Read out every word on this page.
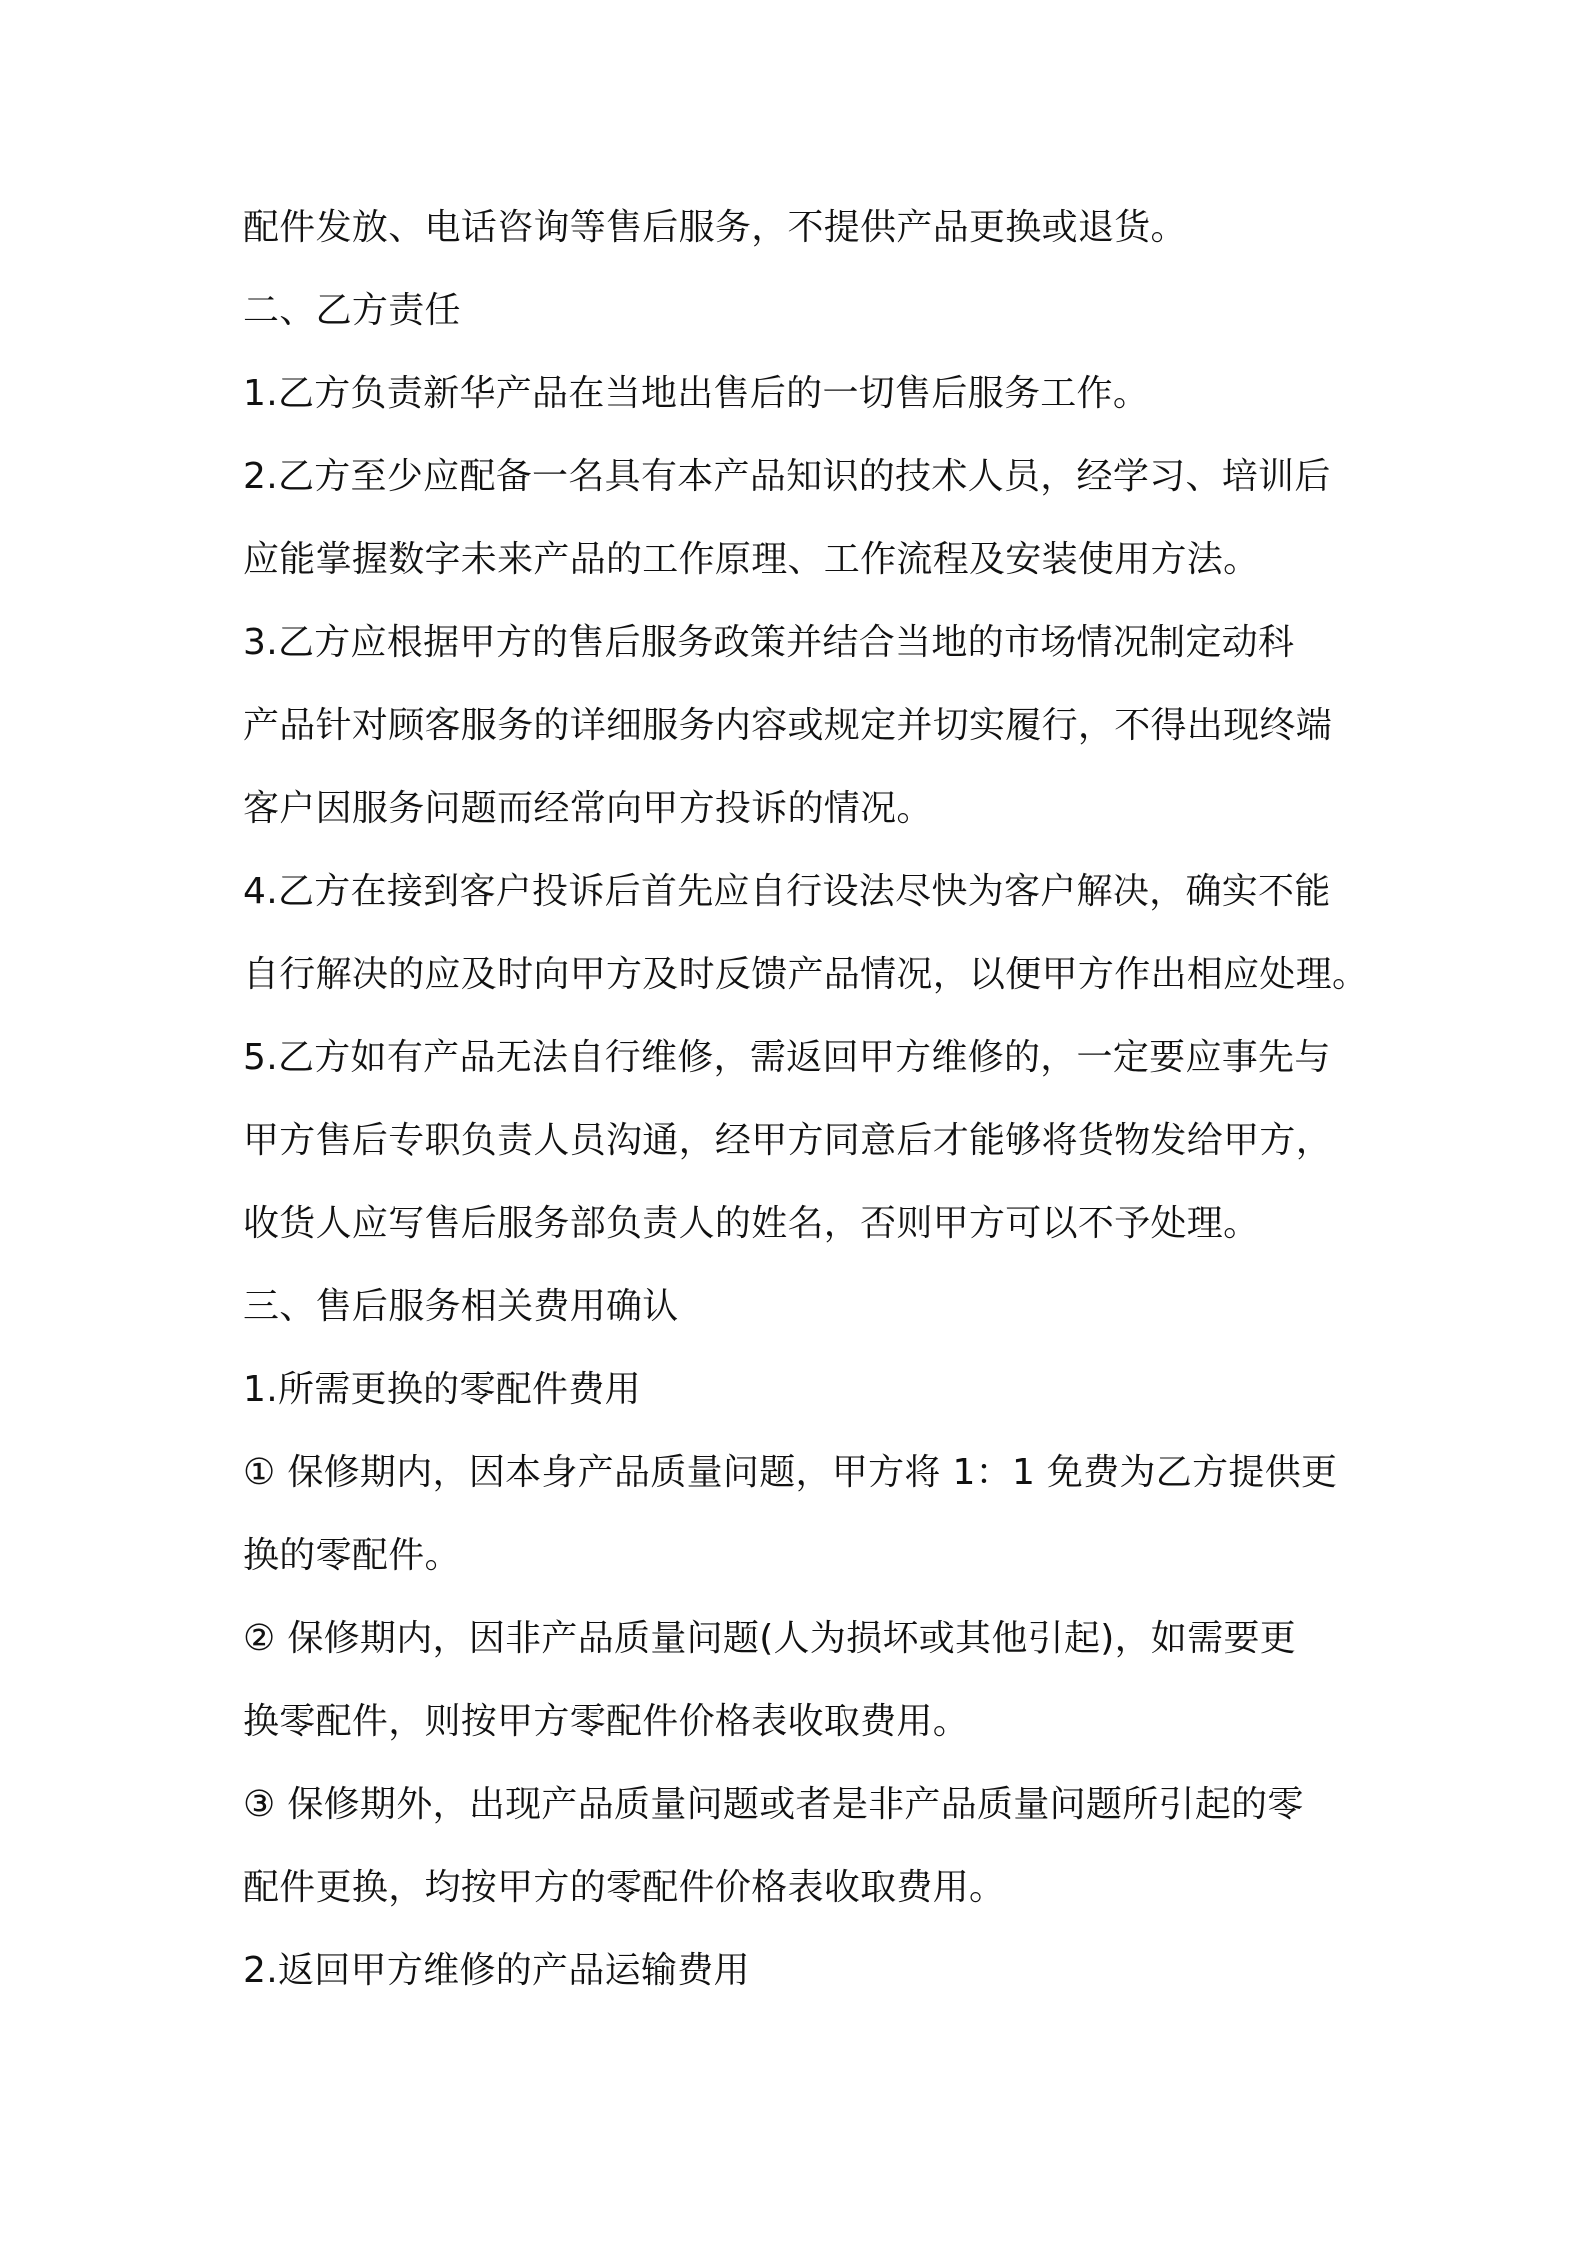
配件发放、电话咨询等售后服务，不提供产品更换或退货。
二、乙方责任
1.乙方负责新华产品在当地出售后的一切售后服务工作。
2.乙方至少应配备一名具有本产品知识的技术人员，经学习、培训后
应能掌握数字未来产品的工作原理、工作流程及安装使用方法。
3.乙方应根据甲方的售后服务政策并结合当地的市场情况制定动科
产品针对顾客服务的详细服务内容或规定并切实履行，不得出现终端
客户因服务问题而经常向甲方投诉的情况。
4.乙方在接到客户投诉后首先应自行设法尽快为客户解决，确实不能
自行解决的应及时向甲方及时反馈产品情况，以便甲方作出相应处理。
5.乙方如有产品无法自行维修，需返回甲方维修的，一定要应事先与
甲方售后专职负责人员沟通，经甲方同意后才能够将货物发给甲方，
收货人应写售后服务部负责人的姓名，否则甲方可以不予处理。
三、售后服务相关费用确认
1.所需更换的零配件费用
① 保修期内，因本身产品质量问题，甲方将 1：1 免费为乙方提供更
换的零配件。
② 保修期内，因非产品质量问题(人为损坏或其他引起)，如需要更
换零配件，则按甲方零配件价格表收取费用。
③ 保修期外，出现产品质量问题或者是非产品质量问题所引起的零
配件更换，均按甲方的零配件价格表收取费用。
2.返回甲方维修的产品运输费用
